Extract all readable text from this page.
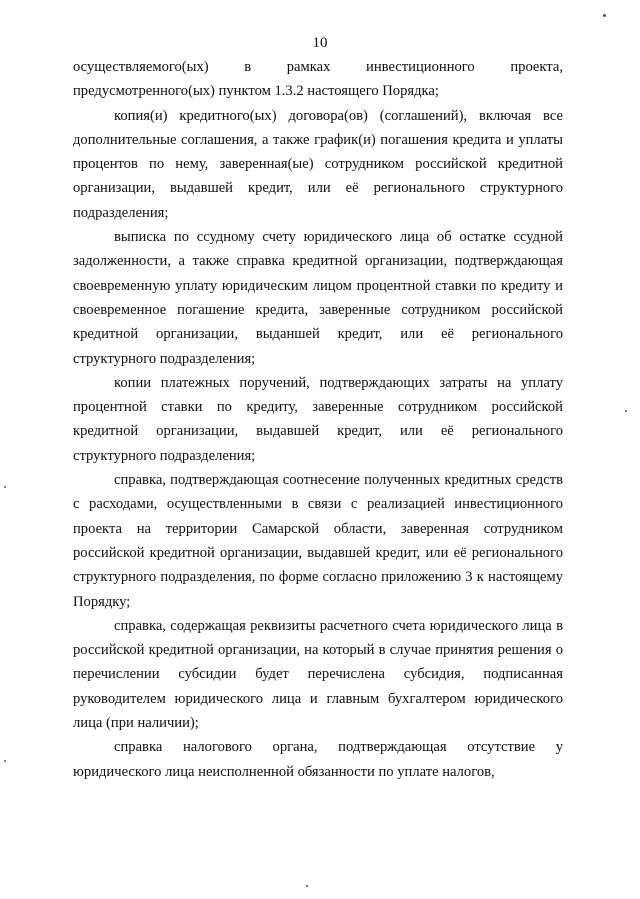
10

осуществляемого(ых) в рамках инвестиционного проекта, предусмотренного(ых) пунктом 1.3.2 настоящего Порядка;

копия(и) кредитного(ых) договора(ов) (соглашений), включая все дополнительные соглашения, а также график(и) погашения кредита и уплаты процентов по нему, заверенная(ые) сотрудником российской кредитной организации, выдавшей кредит, или её регионального структурного подразделения;

выписка по ссудному счету юридического лица об остатке ссудной задолженности, а также справка кредитной организации, подтверждающая своевременную уплату юридическим лицом процентной ставки по кредиту и своевременное погашение кредита, заверенные сотрудником российской кредитной организации, выданшей кредит, или её регионального структурного подразделения;

копии платежных поручений, подтверждающих затраты на уплату процентной ставки по кредиту, заверенные сотрудником российской кредитной организации, выдавшей кредит, или её регионального структурного подразделения;

справка, подтверждающая соотнесение полученных кредитных средств с расходами, осуществленными в связи с реализацией инвестиционного проекта на территории Самарской области, заверенная сотрудником российской кредитной организации, выдавшей кредит, или её регионального структурного подразделения, по форме согласно приложению 3 к настоящему Порядку;

справка, содержащая реквизиты расчетного счета юридического лица в российской кредитной организации, на который в случае принятия решения о перечислении субсидии будет перечислена субсидия, подписанная руководителем юридического лица и главным бухгалтером юридического лица (при наличии);

справка налогового органа, подтверждающая отсутствие у юридического лица неисполненной обязанности по уплате налогов,
